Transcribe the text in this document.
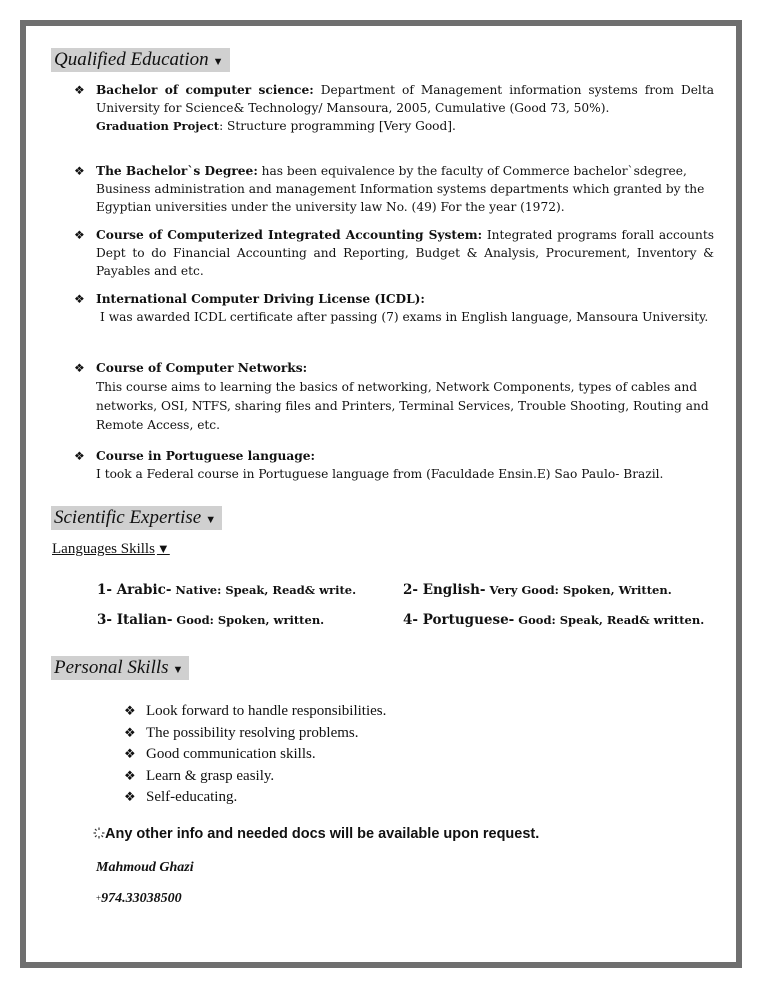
Qualified Education ▼
❖ Bachelor of computer science: Department of Management information systems from Delta University for Science& Technology/ Mansoura, 2005, Cumulative (Good 73, 50%).
Graduation Project: Structure programming [Very Good].
❖ The Bachelor`s Degree: has been equivalence by the faculty of Commerce bachelor`sdegree, Business administration and management Information systems departments which granted by the Egyptian universities under the university law No. (49) For the year (1972).
❖ Course of Computerized Integrated Accounting System: Integrated programs forall accounts Dept to do Financial Accounting and Reporting, Budget & Analysis, Procurement, Inventory & Payables and etc.
❖ International Computer Driving License (ICDL):
I was awarded ICDL certificate after passing (7) exams in English language, Mansoura University.
❖ Course of Computer Networks:
This course aims to learning the basics of networking, Network Components, types of cables and networks, OSI, NTFS, sharing files and Printers, Terminal Services, Trouble Shooting, Routing and Remote Access, etc.
❖ Course in Portuguese language:
I took a Federal course in Portuguese language from (Faculdade Ensin.E) Sao Paulo- Brazil.
Scientific Expertise ▼
Languages Skills ▼
1- Arabic- Native: Speak, Read& write.	2- English- Very Good: Spoken, Written.
3- Italian- Good: Spoken, written.	4- Portuguese- Good: Speak, Read& written.
Personal Skills ▼
❖ Look forward to handle responsibilities.
❖ The possibility resolving problems.
❖ Good communication skills.
❖ Learn & grasp easily.
❖ Self-educating.
Any other info and needed docs will be available upon request.
Mahmoud Ghazi
+974.33038500
